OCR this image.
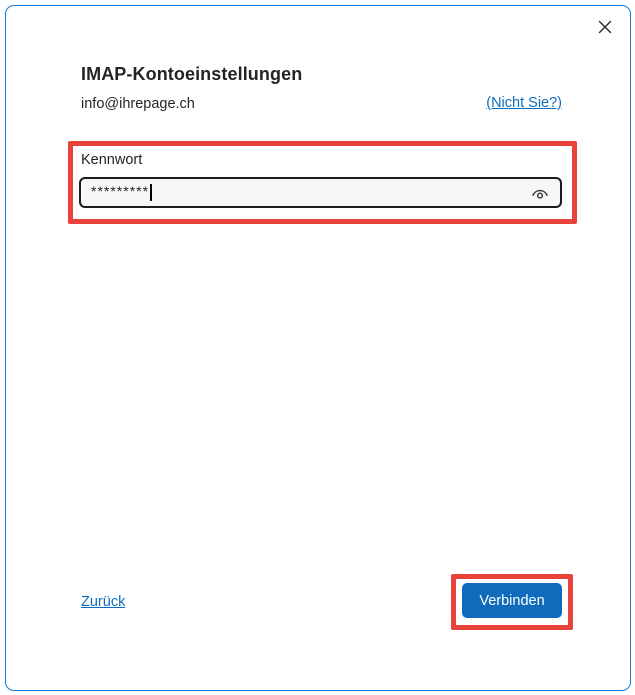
IMAP-Kontoeinstellungen
info@ihrepage.ch	(Nicht Sie?)
Kennwort
*********
Zurück	Verbinden
